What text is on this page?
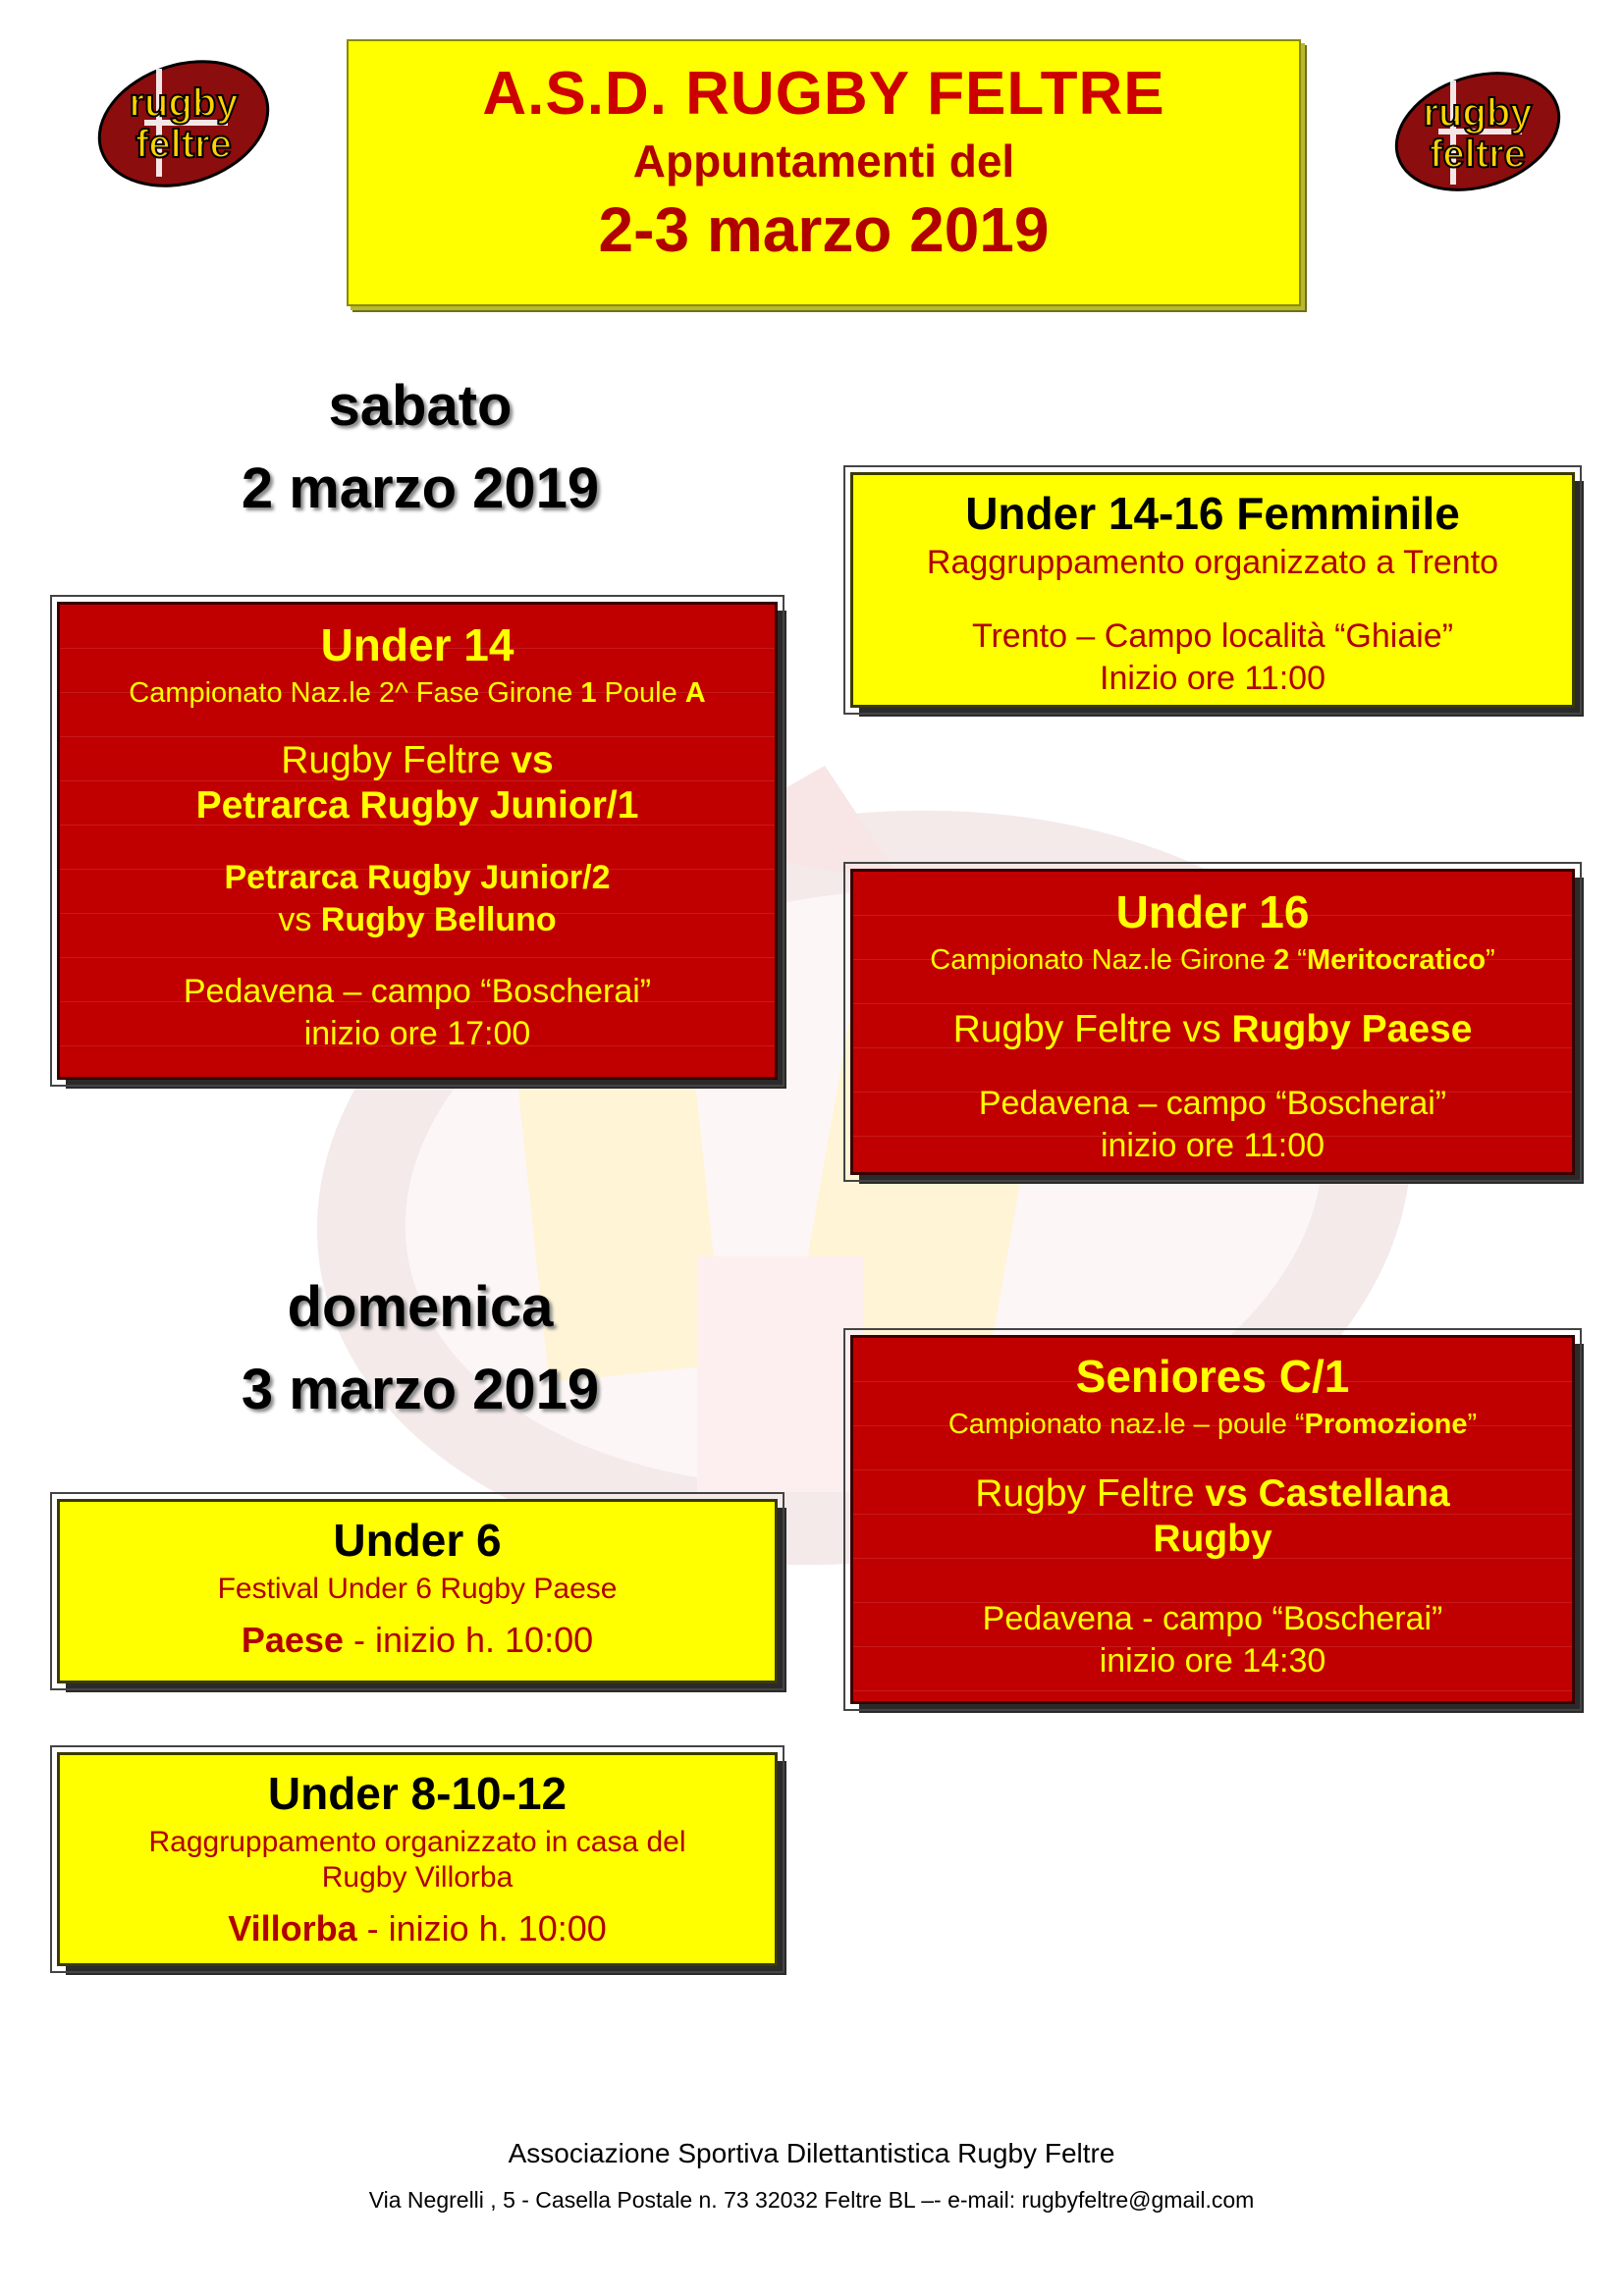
rugby
feltre
rugby
feltre
A.S.D. RUGBY FELTRE
Appuntamenti del
2-3 marzo 2019
sabato
2 marzo 2019
domenica
3 marzo 2019
Under 14
Campionato Naz.le 2^ Fase Girone 1 Poule A
Rugby Feltre vs
Petrarca Rugby Junior/1
Petrarca Rugby Junior/2
vs Rugby Belluno
Pedavena – campo “Boscherai”
inizio ore 17:00
Under 14-16 Femminile
Raggruppamento organizzato a Trento
Trento – Campo località “Ghiaie”
Inizio ore 11:00
Under 16
Campionato Naz.le Girone 2 “Meritocratico”
Rugby Feltre vs Rugby Paese
Pedavena – campo “Boscherai”
inizio ore 11:00
Seniores C/1
Campionato naz.le – poule “Promozione”
Rugby Feltre vs Castellana
Rugby
Pedavena - campo “Boscherai”
inizio ore 14:30
Under 6
Festival Under 6 Rugby Paese
Paese - inizio h. 10:00
Under 8-10-12
Raggruppamento organizzato in casa del
Rugby Villorba
Villorba - inizio h. 10:00
Associazione Sportiva Dilettantistica Rugby Feltre
Via Negrelli , 5 - Casella Postale n. 73 32032 Feltre BL –- e-mail: rugbyfeltre@gmail.com
